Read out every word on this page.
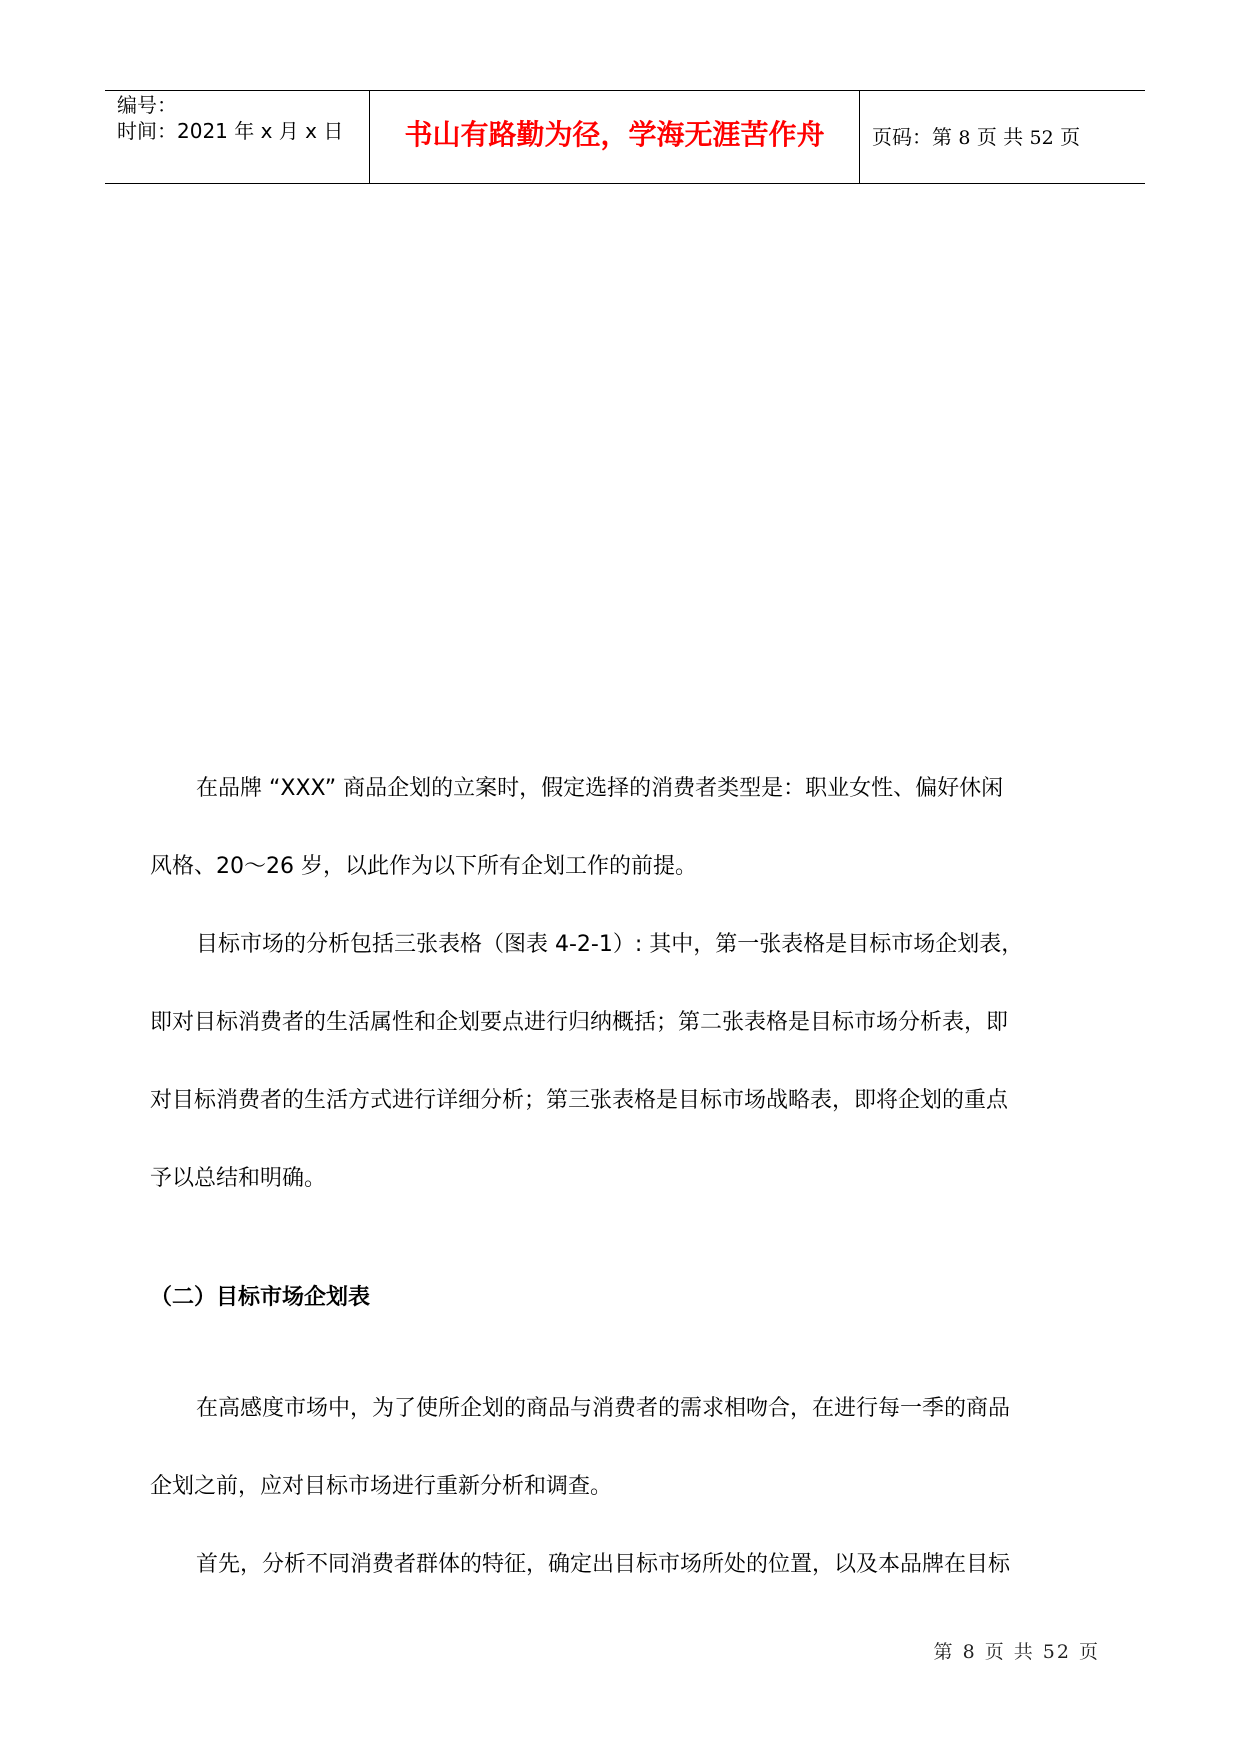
编号：
时间：2021 年 x 月 x 日	书山有路勤为径，学海无涯苦作舟	页码：第 8 页 共 52 页
在品牌 “XXX” 商品企划的立案时，假定选择的消费者类型是：职业女性、偏好休闲
风格、20～26 岁，以此作为以下所有企划工作的前提。
目标市场的分析包括三张表格（图表 4-2-1）: 其中，第一张表格是目标市场企划表，
即对目标消费者的生活属性和企划要点进行归纳概括；第二张表格是目标市场分析表，即
对目标消费者的生活方式进行详细分析；第三张表格是目标市场战略表，即将企划的重点
予以总结和明确。
（二）目标市场企划表
在高感度市场中，为了使所企划的商品与消费者的需求相吻合，在进行每一季的商品
企划之前，应对目标市场进行重新分析和调查。
首先，分析不同消费者群体的特征，确定出目标市场所处的位置，以及本品牌在目标
第 8 页 共 52 页
